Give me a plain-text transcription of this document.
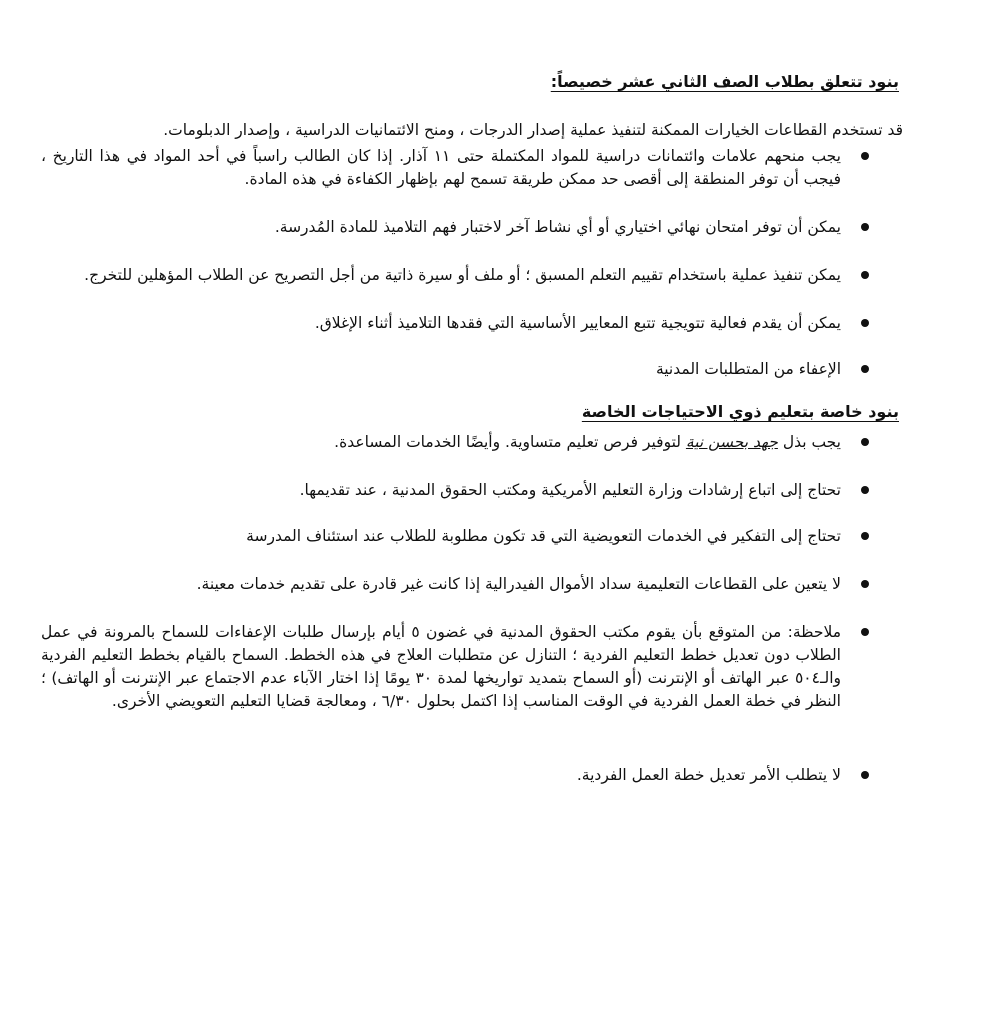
بنود تتعلق بطلاب الصف الثاني عشر خصيصاً:

قد تستخدم القطاعات الخيارات الممكنة لتنفيذ عملية إصدار الدرجات ، ومنح الائتمانيات الدراسية ، وإصدار الدبلومات.

يجب منحهم علامات وائتمانات دراسية للمواد المكتملة حتى ١١ آذار. إذا كان الطالب راسباً في أحد المواد في هذا التاريخ ، فيجب أن توفر المنطقة إلى أقصى حد ممكن طريقة تسمح لهم بإظهار الكفاءة في هذه المادة.

يمكن أن توفر امتحان نهائي اختياري أو أي نشاط آخر لاختبار فهم التلاميذ للمادة المُدرسة.

يمكن تنفيذ عملية باستخدام تقييم التعلم المسبق ؛ أو ملف أو سيرة ذاتية من أجل التصريح عن الطلاب المؤهلين للتخرج.

يمكن أن يقدم فعالية تتويجية تتبع المعايير الأساسية التي فقدها التلاميذ أثناء الإغلاق.

الإعفاء من المتطلبات المدنية

بنود خاصة بتعليم ذوي الاحتياجات الخاصة

يجب بذل جهد بحسن نية لتوفير فرص تعليم متساوية. وأيضًا الخدمات المساعدة.

تحتاج إلى اتباع إرشادات وزارة التعليم الأمريكية ومكتب الحقوق المدنية ، عند تقديمها.

تحتاج إلى التفكير في الخدمات التعويضية التي قد تكون مطلوبة للطلاب عند استئناف المدرسة

لا يتعين على القطاعات التعليمية سداد الأموال الفيدرالية إذا كانت غير قادرة على تقديم خدمات معينة.

ملاحظة: من المتوقع بأن يقوم مكتب الحقوق المدنية في غضون ٥ أيام بإرسال طلبات الإعفاءات للسماح بالمرونة في عمل الطلاب دون تعديل خطط التعليم الفردية ؛ التنازل عن متطلبات العلاج في هذه الخطط. السماح بالقيام بخطط التعليم الفردية والـ٥٠٤ عبر الهاتف أو الإنترنت (أو السماح بتمديد تواريخها لمدة ٣٠ يومًا إذا اختار الآباء عدم الاجتماع عبر الإنترنت أو الهاتف) ؛ النظر في خطة العمل الفردية في الوقت المناسب إذا اكتمل بحلول ٦/٣٠ ، ومعالجة قضايا التعليم التعويضي الأخرى.

لا يتطلب الأمر تعديل خطة العمل الفردية.
